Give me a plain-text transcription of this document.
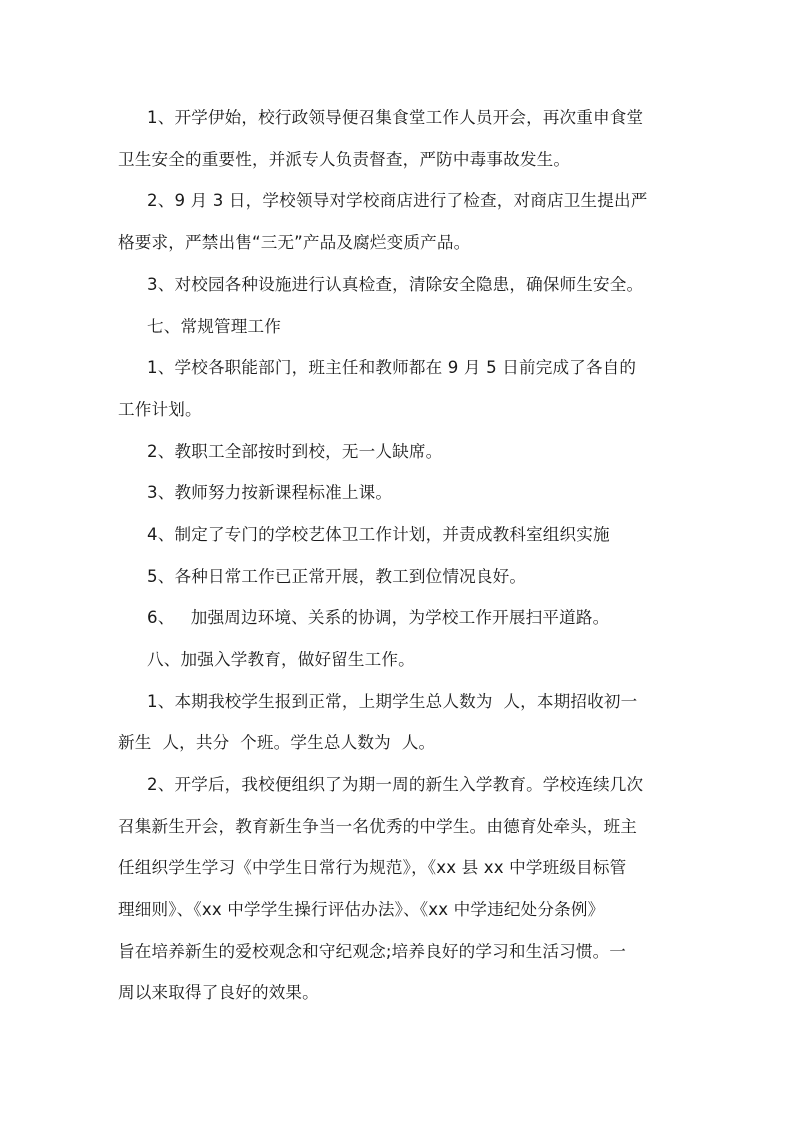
1、开学伊始，校行政领导便召集食堂工作人员开会，再次重申食堂
卫生安全的重要性，并派专人负责督查，严防中毒事故发生。
2、9 月 3 日，学校领导对学校商店进行了检查，对商店卫生提出严
格要求，严禁出售“三无”产品及腐烂变质产品。
3、对校园各种设施进行认真检查，清除安全隐患，确保师生安全。
七、常规管理工作
1、学校各职能部门，班主任和教师都在 9 月 5 日前完成了各自的
工作计划。
2、教职工全部按时到校，无一人缺席。
3、教师努力按新课程标准上课。
4、制定了专门的学校艺体卫工作计划，并责成教科室组织实施
5、各种日常工作已正常开展，教工到位情况良好。
6、   加强周边环境、关系的协调，为学校工作开展扫平道路。
八、加强入学教育，做好留生工作。
1、本期我校学生报到正常，上期学生总人数为  人，本期招收初一
新生  人，共分  个班。学生总人数为  人。
2、开学后，我校便组织了为期一周的新生入学教育。学校连续几次
召集新生开会，教育新生争当一名优秀的中学生。由德育处牵头，班主
任组织学生学习《中学生日常行为规范》，《xx 县 xx 中学班级目标管
理细则》、《xx 中学学生操行评估办法》、《xx 中学违纪处分条例》
旨在培养新生的爱校观念和守纪观念;培养良好的学习和生活习惯。一
周以来取得了良好的效果。
